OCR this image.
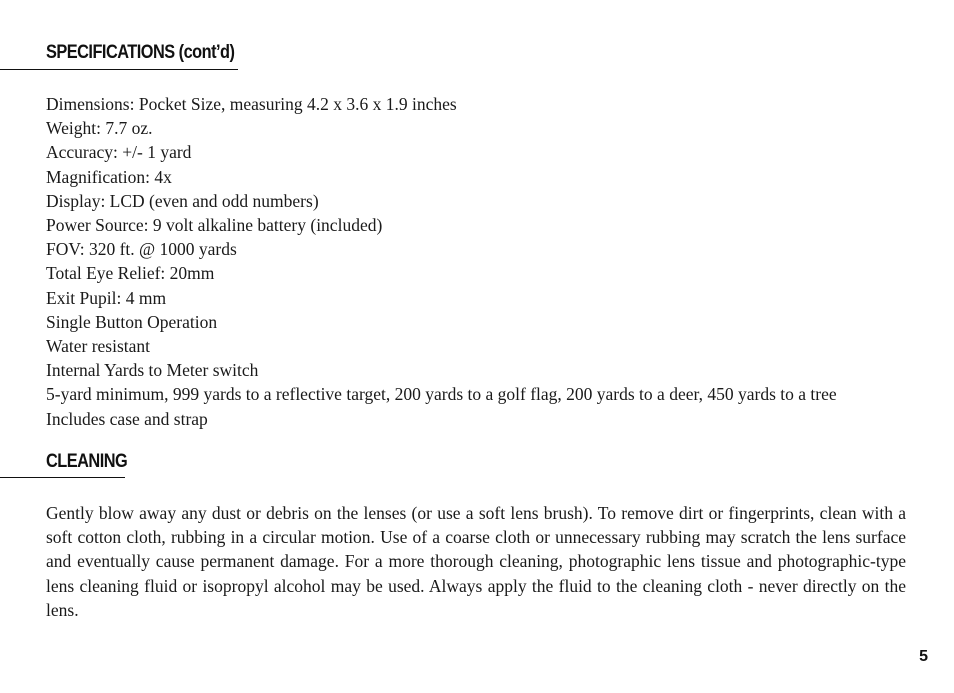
SPECIFICATIONS (cont’d)
Dimensions: Pocket Size, measuring 4.2 x 3.6 x 1.9 inches
Weight: 7.7 oz.
Accuracy: +/- 1 yard
Magnification: 4x
Display: LCD (even and odd numbers)
Power Source: 9 volt alkaline battery (included)
FOV: 320 ft. @ 1000 yards
Total Eye Relief: 20mm
Exit Pupil: 4 mm
Single Button Operation
Water resistant
Internal Yards to Meter switch
5-yard minimum, 999 yards to a reflective target, 200 yards to a golf flag, 200 yards to a deer, 450 yards to a tree
Includes case and strap
CLEANING

Gently blow away any dust or debris on the lenses (or use a soft lens brush). To remove dirt or fingerprints, clean with a soft cotton cloth, rubbing in a circular motion. Use of a coarse cloth or unnecessary rubbing may scratch the lens surface and eventually cause permanent damage. For a more thorough cleaning, photographic lens tissue and photographic-type lens cleaning fluid or isopropyl alcohol may be used. Always apply the fluid to the cleaning cloth - never directly on the lens.

5
